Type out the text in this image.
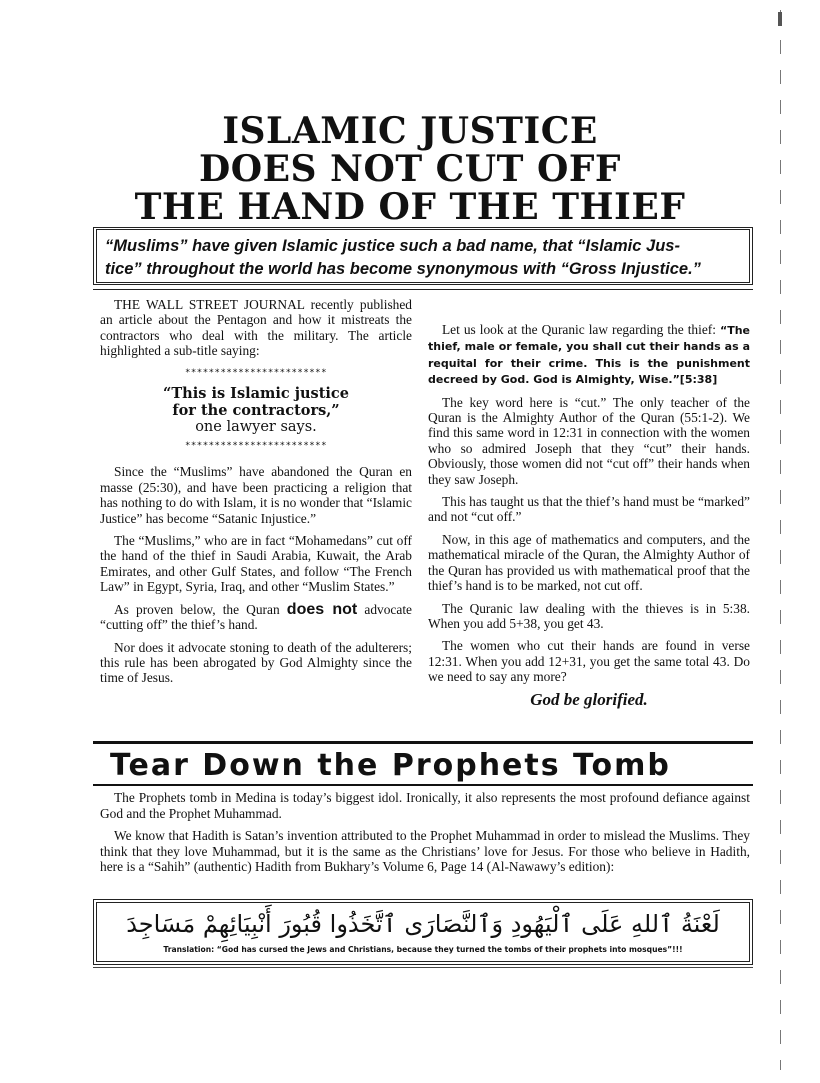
ISLAMIC JUSTICE
DOES NOT CUT OFF
THE HAND OF THE THIEF

“Muslims” have given Islamic justice such a bad name, that “Islamic Jus-
tice” throughout the world has become synonymous with “Gross Injustice.”

THE WALL STREET JOURNAL recently published an article about the Pentagon and how it mistreats the contractors who deal with the military. The article highlighted a sub-title saying:

************************
“This is Islamic justice
for the contractors,”
one lawyer says.
************************

Since the “Muslims” have abandoned the Quran en masse (25:30), and have been practicing a religion that has nothing to do with Islam, it is no wonder that “Islamic Justice” has become “Satanic Injustice.”

The “Muslims,” who are in fact “Mohamedans” cut off the hand of the thief in Saudi Arabia, Kuwait, the Arab Emirates, and other Gulf States, and follow “The French Law” in Egypt, Syria, Iraq, and other “Muslim States.”

As proven below, the Quran does not advocate “cutting off” the thief’s hand.

Nor does it advocate stoning to death of the adulterers; this rule has been abrogated by God Almighty since the time of Jesus.

Let us look at the Quranic law regarding the thief: “The thief, male or female, you shall cut their hands as a requital for their crime. This is the punishment decreed by God. God is Almighty, Wise.”[5:38]

The key word here is “cut.” The only teacher of the Quran is the Almighty Author of the Quran (55:1-2). We find this same word in 12:31 in connection with the women who so admired Joseph that they “cut” their hands. Obviously, those women did not “cut off” their hands when they saw Joseph.

This has taught us that the thief’s hand must be “marked” and not “cut off.”

Now, in this age of mathematics and computers, and the mathematical miracle of the Quran, the Almighty Author of the Quran has provided us with mathematical proof that the thief’s hand is to be marked, not cut off.

The Quranic law dealing with the thieves is in 5:38. When you add 5+38, you get 43.

The women who cut their hands are found in verse 12:31. When you add 12+31, you get the same total 43. Do we need to say any more?

God be glorified.
Tear Down the Prophets Tomb

The Prophets tomb in Medina is today’s biggest idol. Ironically, it also represents the most profound defiance against God and the Prophet Muhammad.

We know that Hadith is Satan’s invention attributed to the Prophet Muhammad in order to mislead the Muslims. They think that they love Muhammad, but it is the same as the Christians’ love for Jesus. For those who believe in Hadith, here is a “Sahih” (authentic) Hadith from Bukhary’s Volume 6, Page 14 (Al-Nawawy’s edition):

لَعْنَةُ ٱللهِ عَلَى ٱلْيَهُودِ وَٱلنَّصَارَى ٱتَّخَذُوا قُبُورَ أَنْبِيَائِهِمْ مَسَاجِدَ

Translation: “God has cursed the Jews and Christians, because they turned the tombs of their prophets into mosques”!!!
